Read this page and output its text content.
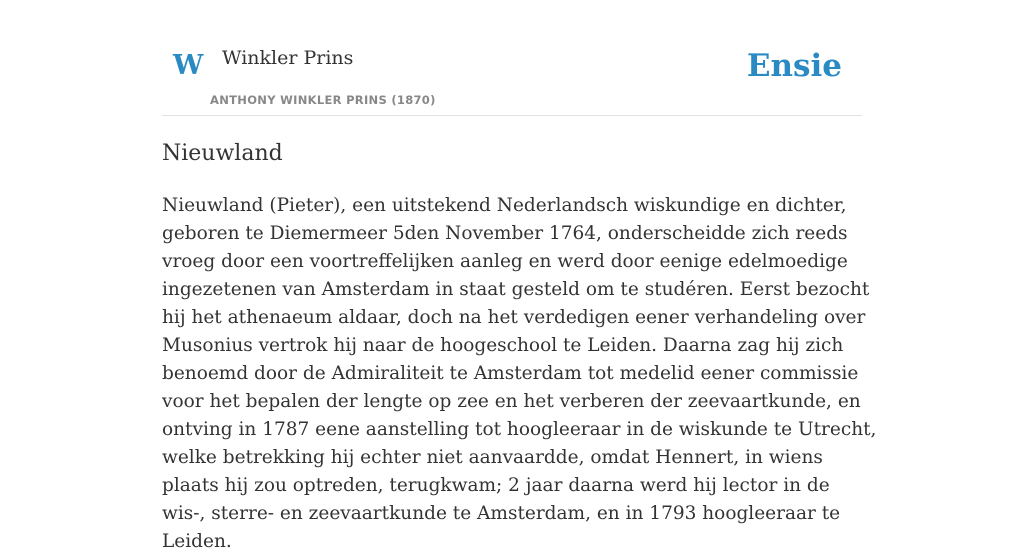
W Winkler Prins
ANTHONY WINKLER PRINS (1870)
Ensie
Nieuwland

Nieuwland (Pieter), een uitstekend Nederlandsch wiskundige en dichter, geboren te Diemermeer 5den November 1764, onderscheidde zich reeds vroeg door een voortreffelijken aanleg en werd door eenige edelmoedige ingezetenen van Amsterdam in staat gesteld om te studéren. Eerst bezocht hij het athenaeum aldaar, doch na het verdedigen eener verhandeling over Musonius vertrok hij naar de hoogeschool te Leiden. Daarna zag hij zich benoemd door de Admiraliteit te Amsterdam tot medelid eener commissie voor het bepalen der lengte op zee en het verberen der zeevaartkunde, en ontving in 1787 eene aanstelling tot hoogleeraar in de wiskunde te Utrecht, welke betrekking hij echter niet aanvaardde, omdat Hennert, in wiens plaats hij zou optreden, terugkwam; 2 jaar daarna werd hij lector in de wis-, sterre- en zeevaartkunde te Amsterdam, en in 1793 hoogleeraar te Leiden.
